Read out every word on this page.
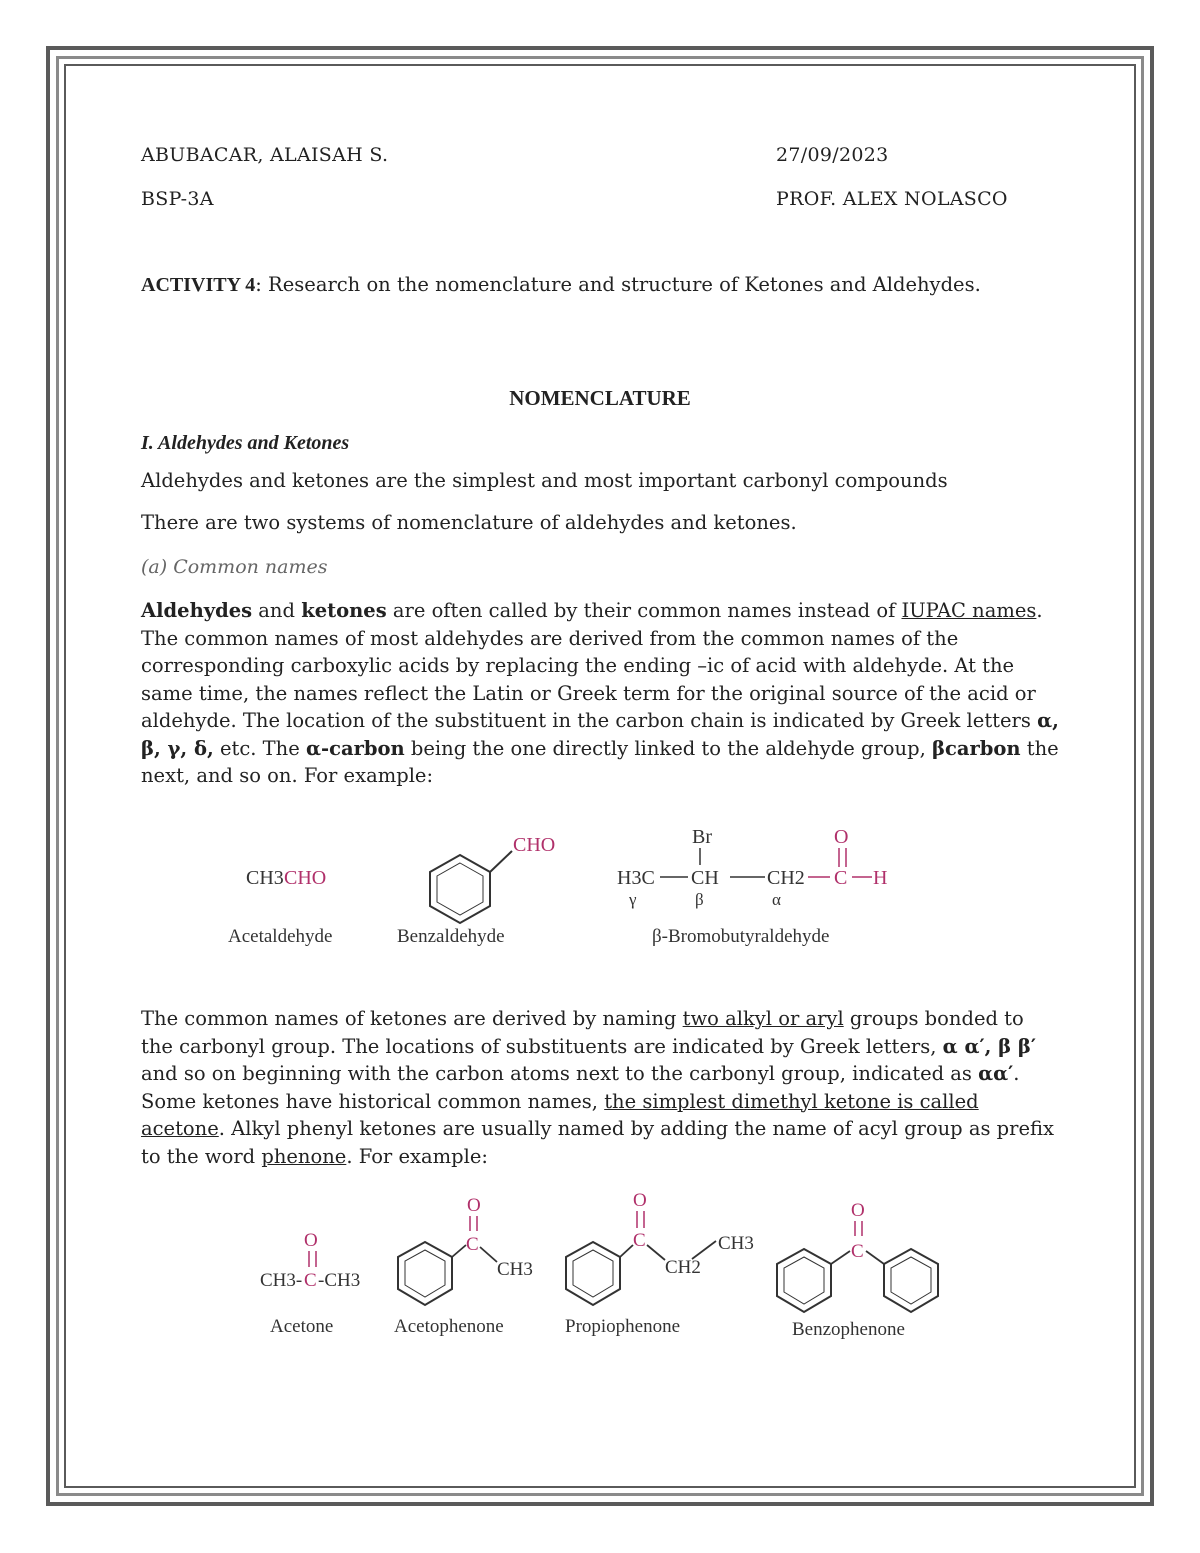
ABUBACAR, ALAISAH S.	27/09/2023
BSP-3A	PROF. ALEX NOLASCO
ACTIVITY 4: Research on the nomenclature and structure of Ketones and Aldehydes.
NOMENCLATURE
I. Aldehydes and Ketones
Aldehydes and ketones are the simplest and most important carbonyl compounds
There are two systems of nomenclature of aldehydes and ketones.
(a) Common names
Aldehydes and ketones are often called by their common names instead of IUPAC names. The common names of most aldehydes are derived from the common names of the corresponding carboxylic acids by replacing the ending –ic of acid with aldehyde. At the same time, the names reflect the Latin or Greek term for the original source of the acid or aldehyde. The location of the substituent in the carbon chain is indicated by Greek letters α, β, γ, δ, etc. The α-carbon being the one directly linked to the aldehyde group, βcarbon the next, and so on. For example:
CH3 CHO
Acetaldehyde
CHO
Benzaldehyde
Br	O
H3C CH CH2 C H
γ	β	α
β-Bromobutyraldehyde
The common names of ketones are derived by naming two alkyl or aryl groups bonded to the carbonyl group. The locations of substituents are indicated by Greek letters, α α′, β β′ and so on beginning with the carbon atoms next to the carbonyl group, indicated as αα′. Some ketones have historical common names, the simplest dimethyl ketone is called acetone. Alkyl phenyl ketones are usually named by adding the name of acyl group as prefix to the word phenone. For example:
O
CH3- C -CH3
Acetone
O
C
CH3
Acetophenone
O
C
CH2
CH3
Propiophenone
O
C
Benzophenone
